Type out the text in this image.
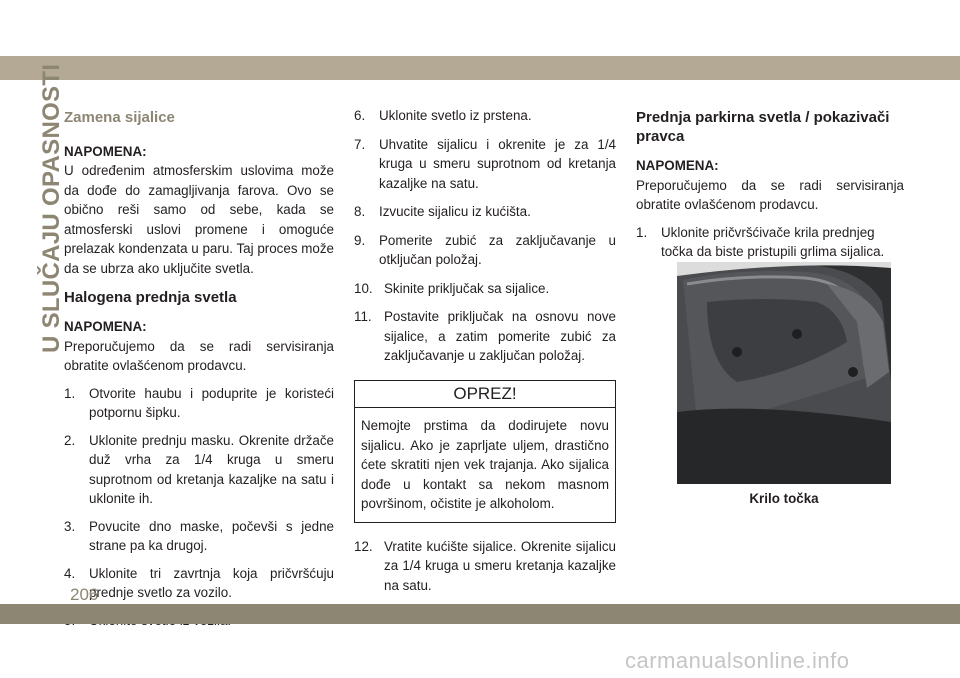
U SLUČAJU OPASNOSTI Zamena sijalice

NAPOMENA:

U određenim atmosferskim uslovima može da dođe do zamagljivanja farova. Ovo se obično reši samo od sebe, kada se atmosferski uslovi promene i omoguće prelazak kondenzata u paru. Taj proces može da se ubrza ako uključite svetla.

Halogena prednja svetla

NAPOMENA:

Preporučujemo da se radi servisiranja obratite ovlašćenom prodavcu.

1. Otvorite haubu i poduprite je koristeći potpornu šipku.
2. Uklonite prednju masku. Okrenite držače duž vrha za 1/4 kruga u smeru suprotnom od kretanja kazaljke na satu i uklonite ih.
3. Povucite dno maske, počevši s jedne strane pa ka drugoj.
4. Uklonite tri zavrtnja koja pričvršćuju prednje svetlo za vozilo.
6. Uklonite svetlo iz prstena.
7. Uhvatite sijalicu i okrenite je za 1/4 kruga u smeru suprotnom od kretanja kazaljke na satu.
8. Izvucite sijalicu iz kućišta.
9. Pomerite zubić za zaključavanje u otključan položaj.
10. Skinite priključak sa sijalice.
11. Postavite priključak na osnovu nove sijalice, a zatim pomerite zubić za zaključavanje u zaključan položaj.
OPREZ!
Nemojte prstima da dodirujete novu sijalicu. Ako je zaprljate uljem, drastično ćete skratiti njen vek trajanja. Ako sijalica dođe u kontakt sa nekom masnom površinom, očistite je alkoholom.
12. Vratite kućište sijalice. Okrenite sijalicu za 1/4 kruga u smeru kretanja kazaljke na satu.
Prednja parkirna svetla / pokazivači pravca

NAPOMENA:

Preporučujemo da se radi servisiranja obratite ovlašćenom prodavcu.

1. Uklonite pričvršćivače krila prednjeg točka da biste pristupili grlima sijalica.
Krilo točka
206
carmanualsonline.info
